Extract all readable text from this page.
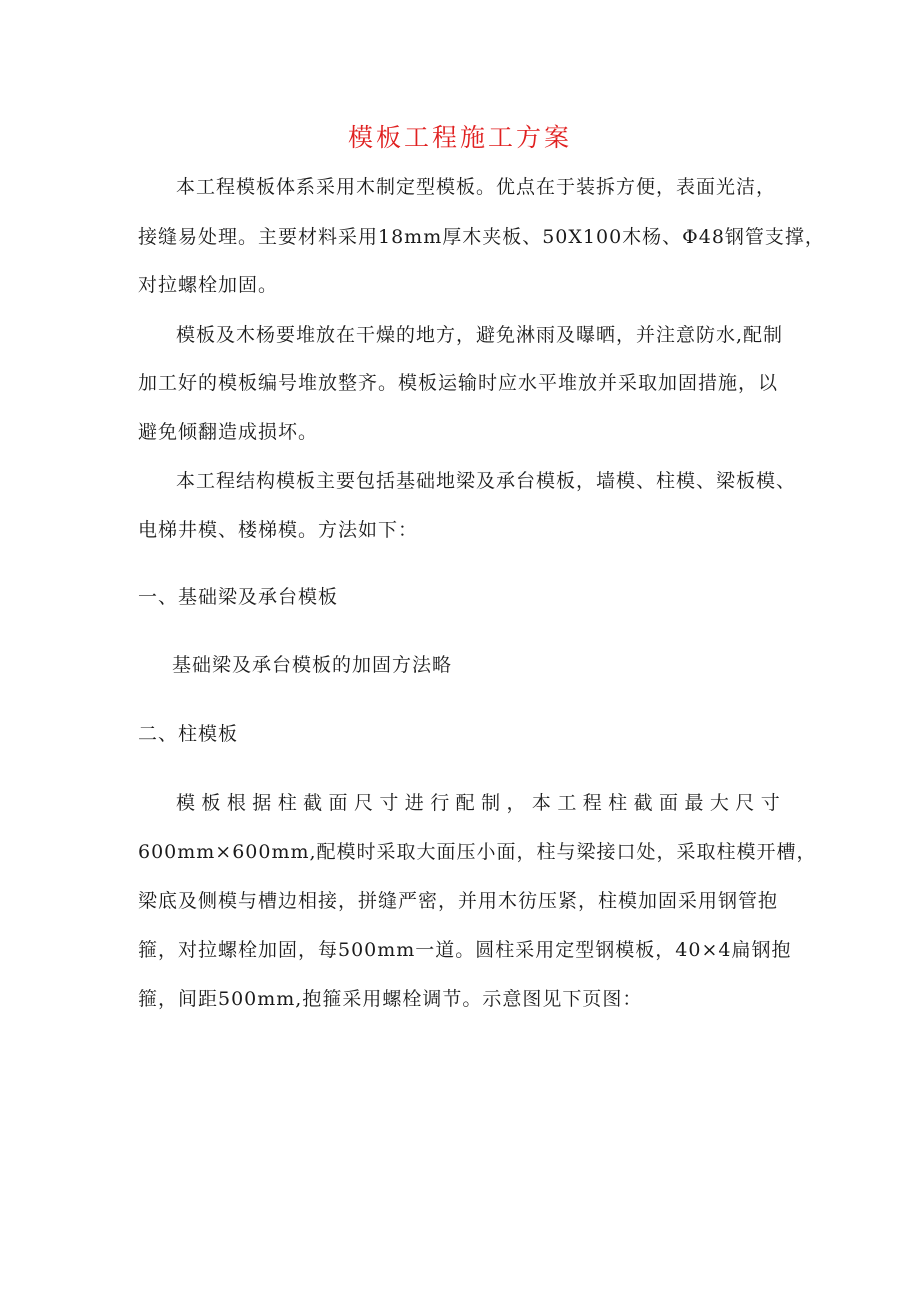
模板工程施工方案
本工程模板体系采用木制定型模板。优点在于装拆方便，表面光洁，
接缝易处理。主要材料采用18mm厚木夹板、50X100木杨、Φ48钢管支撑，
对拉螺栓加固。
模板及木杨要堆放在干燥的地方，避免淋雨及曝晒，并注意防水,配制
加工好的模板编号堆放整齐。模板运输时应水平堆放并采取加固措施，以
避免倾翻造成损坏。
本工程结构模板主要包括基础地梁及承台模板，墙模、柱模、梁板模、
电梯井模、楼梯模。方法如下：
一、基础梁及承台模板
基础梁及承台模板的加固方法略
二、柱模板
模 板 根 据 柱 截 面 尺 寸 进 行 配 制 ， 本 工 程 柱 截 面 最 大 尺 寸
600mm×600mm,配模时采取大面压小面，柱与梁接口处，采取柱模开槽，
梁底及侧模与槽边相接，拼缝严密，并用木彷压紧，柱模加固采用钢管抱
箍，对拉螺栓加固，每500mm一道。圆柱采用定型钢模板，40×4扁钢抱
箍，间距500mm,抱箍采用螺栓调节。示意图见下页图：
